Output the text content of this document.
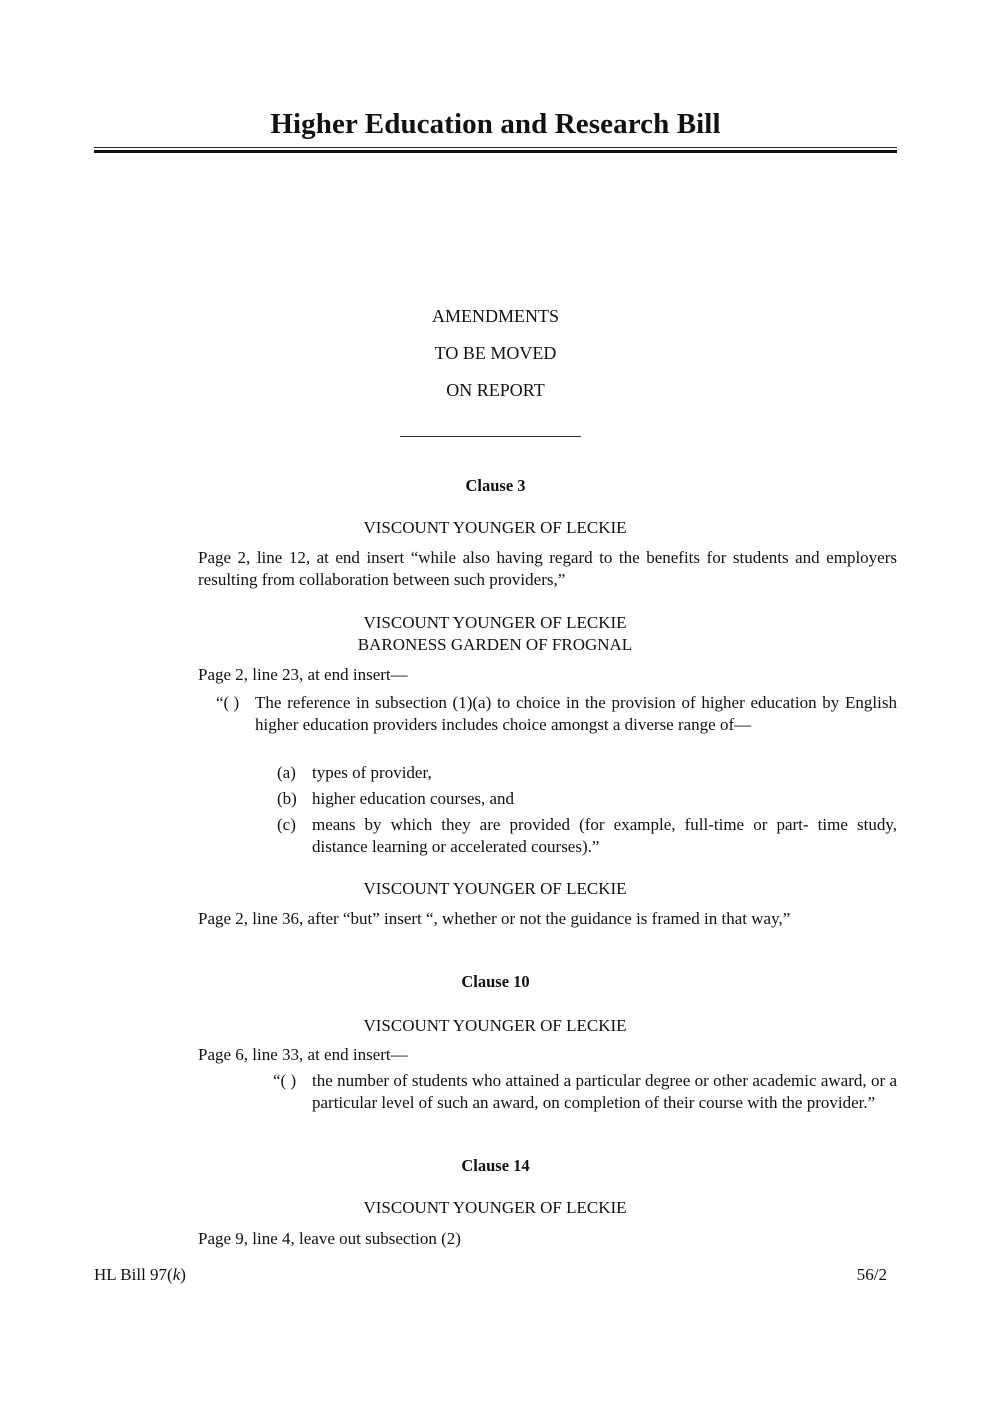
Higher Education and Research Bill
AMENDMENTS
TO BE MOVED
ON REPORT
Clause 3
VISCOUNT YOUNGER OF LECKIE
Page 2, line 12, at end insert “while also having regard to the benefits for students and employers resulting from collaboration between such providers,”
VISCOUNT YOUNGER OF LECKIE
BARONESS GARDEN OF FROGNAL
Page 2, line 23, at end insert—
“( ) The reference in subsection (1)(a) to choice in the provision of higher education by English higher education providers includes choice amongst a diverse range of—
(a) types of provider,
(b) higher education courses, and
(c) means by which they are provided (for example, full-time or part- time study, distance learning or accelerated courses).”
VISCOUNT YOUNGER OF LECKIE
Page 2, line 36, after “but” insert “, whether or not the guidance is framed in that way,”
Clause 10
VISCOUNT YOUNGER OF LECKIE
Page 6, line 33, at end insert—
“( ) the number of students who attained a particular degree or other academic award, or a particular level of such an award, on completion of their course with the provider.”
Clause 14
VISCOUNT YOUNGER OF LECKIE
Page 9, line 4, leave out subsection (2)
HL Bill 97(k)	56/2
